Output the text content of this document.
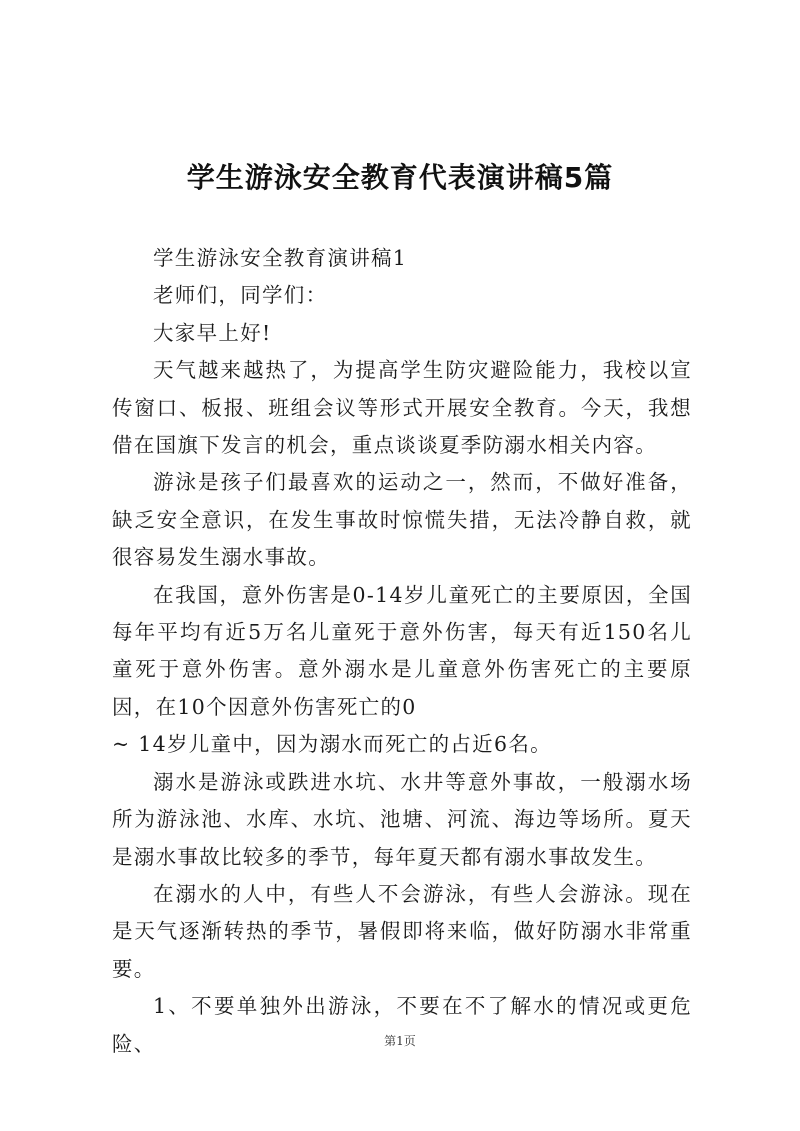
学生游泳安全教育代表演讲稿5篇

学生游泳安全教育演讲稿1

老师们，同学们：

大家早上好!

天气越来越热了，为提高学生防灾避险能力，我校以宣传窗口、板报、班组会议等形式开展安全教育。今天，我想借在国旗下发言的机会，重点谈谈夏季防溺水相关内容。

游泳是孩子们最喜欢的运动之一，然而，不做好准备，缺乏安全意识，在发生事故时惊慌失措，无法冷静自救，就很容易发生溺水事故。

在我国，意外伤害是0-14岁儿童死亡的主要原因，全国每年平均有近5万名儿童死于意外伤害，每天有近150名儿童死于意外伤害。意外溺水是儿童意外伤害死亡的主要原因，在10个因意外伤害死亡的0

~ 14岁儿童中，因为溺水而死亡的占近6名。

溺水是游泳或跌进水坑、水井等意外事故，一般溺水场所为游泳池、水库、水坑、池塘、河流、海边等场所。夏天是溺水事故比较多的季节，每年夏天都有溺水事故发生。

在溺水的人中，有些人不会游泳，有些人会游泳。现在是天气逐渐转热的季节，暑假即将来临，做好防溺水非常重要。

1、不要单独外出游泳，不要在不了解水的情况或更危险、	第1页
